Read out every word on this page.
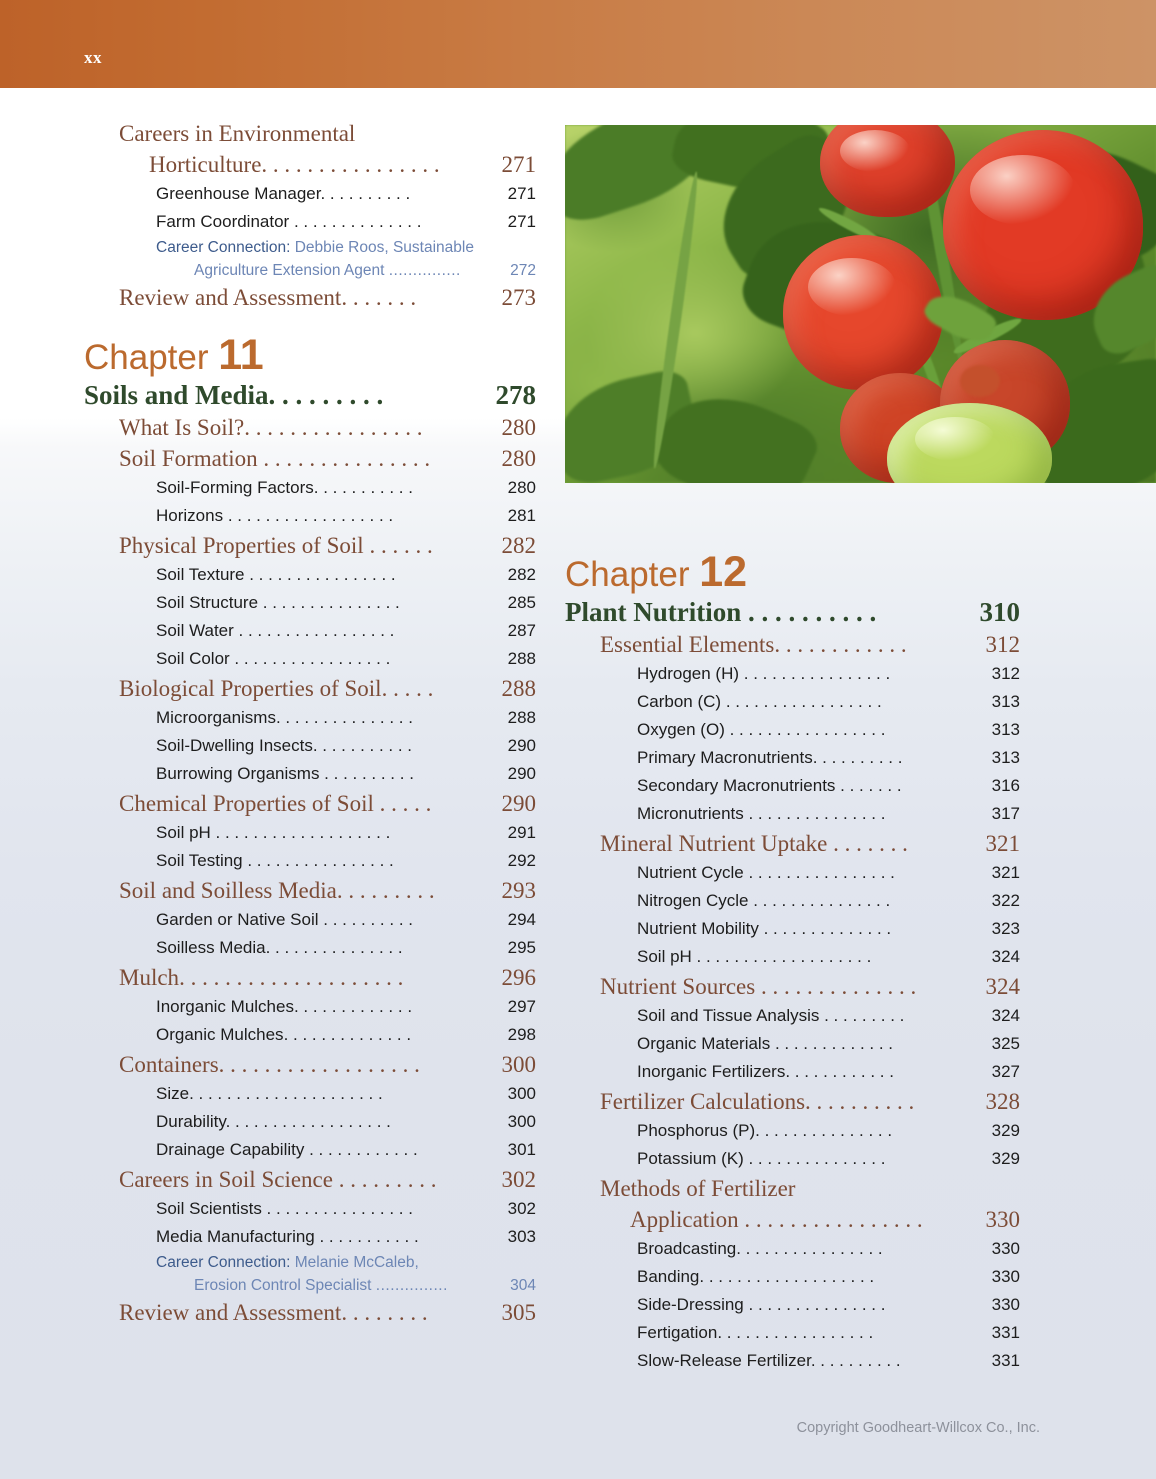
xx
Careers in Environmental
271
Horticulture. . . . . . . . . . . . . . . .
271
Greenhouse Manager. . . . . . . . . .
271
Farm Coordinator . . . . . . . . . . . . . .
Career Connection: Debbie Roos, Sustainable
272
Agriculture Extension Agent ...............
273
Review and Assessment. . . . . . .
Chapter 11
278
Soils and Media. . . . . . . . .
280
What Is Soil?. . . . . . . . . . . . . . . .
280
Soil Formation . . . . . . . . . . . . . . .
280
Soil-Forming Factors. . . . . . . . . . .
281
Horizons . . . . . . . . . . . . . . . . . .
282
Physical Properties of Soil . . . . . .
282
Soil Texture . . . . . . . . . . . . . . . .
285
Soil Structure . . . . . . . . . . . . . . .
287
Soil Water . . . . . . . . . . . . . . . . .
288
Soil Color . . . . . . . . . . . . . . . . .
288
Biological Properties of Soil. . . . .
288
Microorganisms. . . . . . . . . . . . . . .
290
Soil-Dwelling Insects. . . . . . . . . . .
290
Burrowing Organisms . . . . . . . . . .
290
Chemical Properties of Soil . . . . .
291
Soil pH . . . . . . . . . . . . . . . . . . .
292
Soil Testing . . . . . . . . . . . . . . . .
293
Soil and Soilless Media. . . . . . . . .
294
Garden or Native Soil . . . . . . . . . .
295
Soilless Media. . . . . . . . . . . . . . .
296
Mulch. . . . . . . . . . . . . . . . . . . .
297
Inorganic Mulches. . . . . . . . . . . . .
298
Organic Mulches. . . . . . . . . . . . . .
300
Containers. . . . . . . . . . . . . . . . . .
300
Size. . . . . . . . . . . . . . . . . . . . .
300
Durability. . . . . . . . . . . . . . . . . .
301
Drainage Capability . . . . . . . . . . . .
302
Careers in Soil Science . . . . . . . . .
302
Soil Scientists . . . . . . . . . . . . . . . .
303
Media Manufacturing . . . . . . . . . . .
Career Connection: Melanie McCaleb,
304
Erosion Control Specialist ...............
305
Review and Assessment. . . . . . . .
Chapter 12
310
Plant Nutrition . . . . . . . . . .
312
Essential Elements. . . . . . . . . . . .
312
Hydrogen (H) . . . . . . . . . . . . . . . .
313
Carbon (C) . . . . . . . . . . . . . . . . .
313
Oxygen (O) . . . . . . . . . . . . . . . . .
313
Primary Macronutrients. . . . . . . . . .
316
Secondary Macronutrients . . . . . . .
317
Micronutrients . . . . . . . . . . . . . . .
321
Mineral Nutrient Uptake . . . . . . .
321
Nutrient Cycle . . . . . . . . . . . . . . . .
322
Nitrogen Cycle . . . . . . . . . . . . . . .
323
Nutrient Mobility . . . . . . . . . . . . . .
324
Soil pH . . . . . . . . . . . . . . . . . . .
324
Nutrient Sources . . . . . . . . . . . . . .
324
Soil and Tissue Analysis . . . . . . . . .
325
Organic Materials . . . . . . . . . . . . .
327
Inorganic Fertilizers. . . . . . . . . . . .
328
Fertilizer Calculations. . . . . . . . . .
329
Phosphorus (P). . . . . . . . . . . . . . .
329
Potassium (K) . . . . . . . . . . . . . . .
Methods of Fertilizer
330
Application . . . . . . . . . . . . . . . .
330
Broadcasting. . . . . . . . . . . . . . . .
330
Banding. . . . . . . . . . . . . . . . . . .
330
Side-Dressing . . . . . . . . . . . . . . .
331
Fertigation. . . . . . . . . . . . . . . . .
331
Slow-Release Fertilizer. . . . . . . . . .
Copyright Goodheart-Willcox Co., Inc.
